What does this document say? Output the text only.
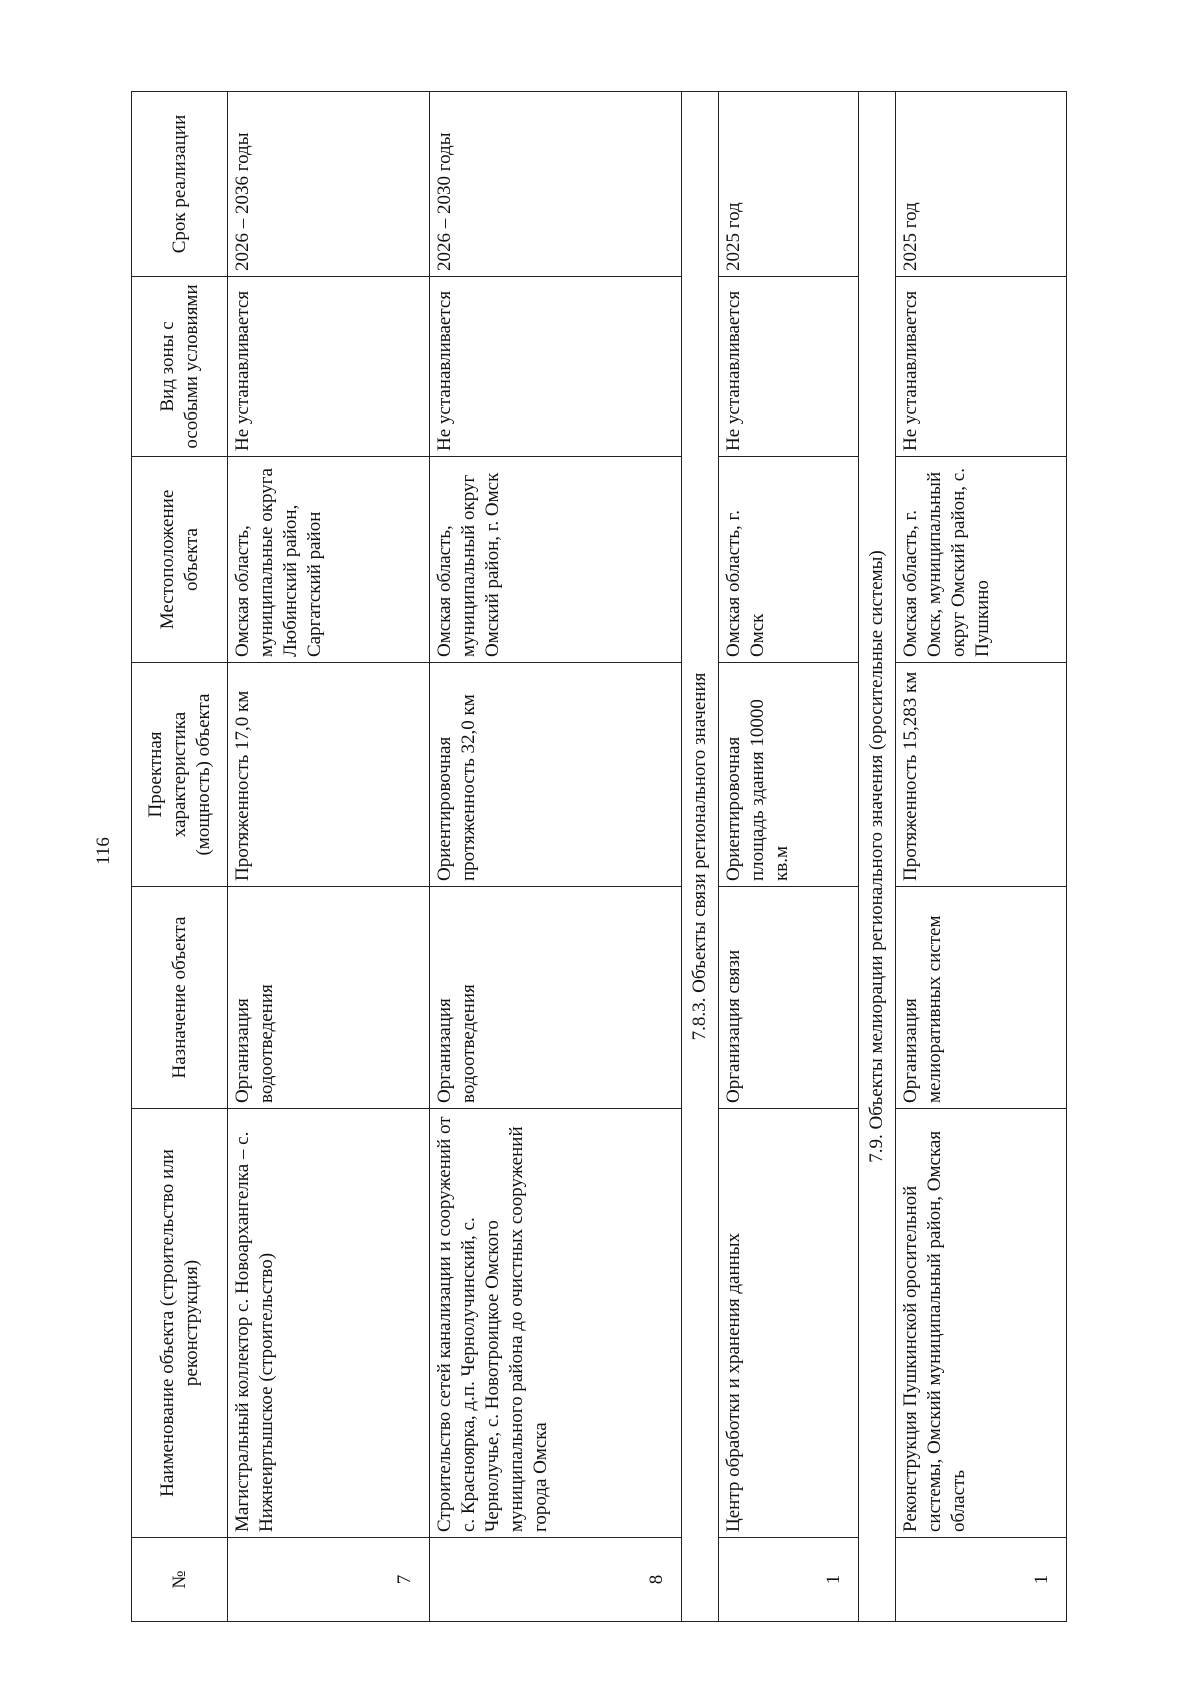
116
№	Наименование объекта (строительство или реконструкция)	Назначение объекта	Проектная характеристика (мощность) объекта	Местоположение объекта	Вид зоны с особыми условиями	Срок реализации
7	Магистральный коллектор с. Новоархангелка – с. Нижнеиртышское (строительство)	Организация водоотведения	Протяженность 17,0 км	Омская область, муниципальные округа Любинский район, Саргатский район	Не устанавливается	2026 – 2036 годы
8	Строительство сетей канализации и сооружений от с. Красноярка, д.п. Чернолучинский, с. Чернолучье, с. Новотроицкое Омского муниципального района до очистных сооружений города Омска	Организация водоотведения	Ориентировочная протяженность 32,0 км	Омская область, муниципальный округ Омский район, г. Омск	Не устанавливается	2026 – 2030 годы
7.8.3. Объекты связи регионального значения						
1	Центр обработки и хранения данных	Организация связи	Ориентировочная площадь здания 10000 кв.м	Омская область, г. Омск	Не устанавливается	2025 год
7.9. Объекты мелиорации регионального значения (оросительные системы)						
1	Реконструкция Пушкинской оросительной системы, Омский муниципальный район, Омская область	Организация мелиоративных систем	Протяженность 15,283 км	Омская область, г. Омск, муниципальный округ Омский район, с. Пушкино	Не устанавливается	2025 год
